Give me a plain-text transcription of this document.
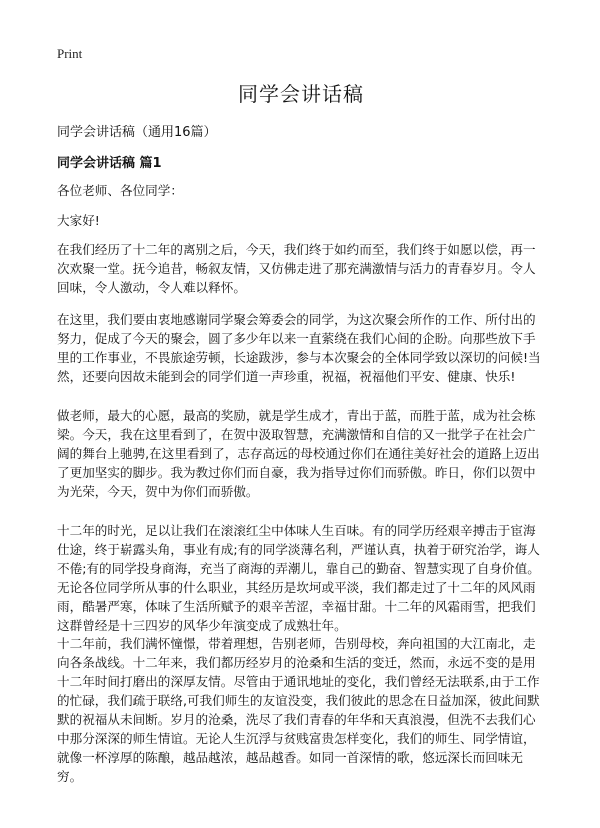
Print
同学会讲话稿
同学会讲话稿（通用16篇）
同学会讲话稿 篇1

各位老师、各位同学：

大家好!

在我们经历了十二年的离别之后，今天，我们终于如约而至，我们终于如愿以偿，再一次欢聚一堂。抚今追昔，畅叙友情，又仿佛走进了那充满激情与活力的青春岁月。令人回味，令人激动，令人难以释怀。

在这里，我们要由衷地感谢同学聚会筹委会的同学，为这次聚会所作的工作、所付出的努力，促成了今天的聚会，圆了多少年以来一直萦绕在我们心间的企盼。向那些放下手里的工作事业，不畏旅途劳顿，长途跋涉，参与本次聚会的全体同学致以深切的问候!当然，还要向因故未能到会的同学们道一声珍重，祝福，祝福他们平安、健康、快乐!

做老师，最大的心愿，最高的奖励，就是学生成才，青出于蓝，而胜于蓝，成为社会栋梁。今天，我在这里看到了，在贺中汲取智慧，充满激情和自信的又一批学子在社会广阔的舞台上驰骋,在这里看到了，志存高远的母校通过你们在通往美好社会的道路上迈出了更加坚实的脚步。我为教过你们而自豪，我为指导过你们而骄傲。昨日，你们以贺中为光荣，今天，贺中为你们而骄傲。

十二年的时光，足以让我们在滚滚红尘中体味人生百味。有的同学历经艰辛搏击于宦海仕途，终于崭露头角，事业有成;有的同学淡薄名利，严谨认真，执着于研究治学，诲人不倦;有的同学投身商海，充当了商海的弄潮儿，靠自己的勤奋、智慧实现了自身价值。无论各位同学所从事的什么职业，其经历是坎坷或平淡，我们都走过了十二年的风风雨雨，酷暑严寒，体味了生活所赋予的艰辛苦涩，幸福甘甜。十二年的风霜雨雪，把我们这群曾经是十三四岁的风华少年演变成了成熟壮年。

十二年前，我们满怀憧憬，带着理想，告别老师，告别母校，奔向祖国的大江南北，走向各条战线。十二年来，我们都历经岁月的沧桑和生活的变迁，然而，永远不变的是用十二年时间打磨出的深厚友情。尽管由于通讯地址的变化，我们曾经无法联系,由于工作的忙碌，我们疏于联络,可我们师生的友谊没变，我们彼此的思念在日益加深，彼此间默默的祝福从未间断。岁月的沧桑，洗尽了我们青春的年华和天真浪漫，但洗不去我们心中那分深深的师生情谊。无论人生沉浮与贫贱富贵怎样变化，我们的师生、同学情谊，就像一杯淳厚的陈酿，越品越浓，越品越香。如同一首深情的歌，悠远深长而回味无穷。
